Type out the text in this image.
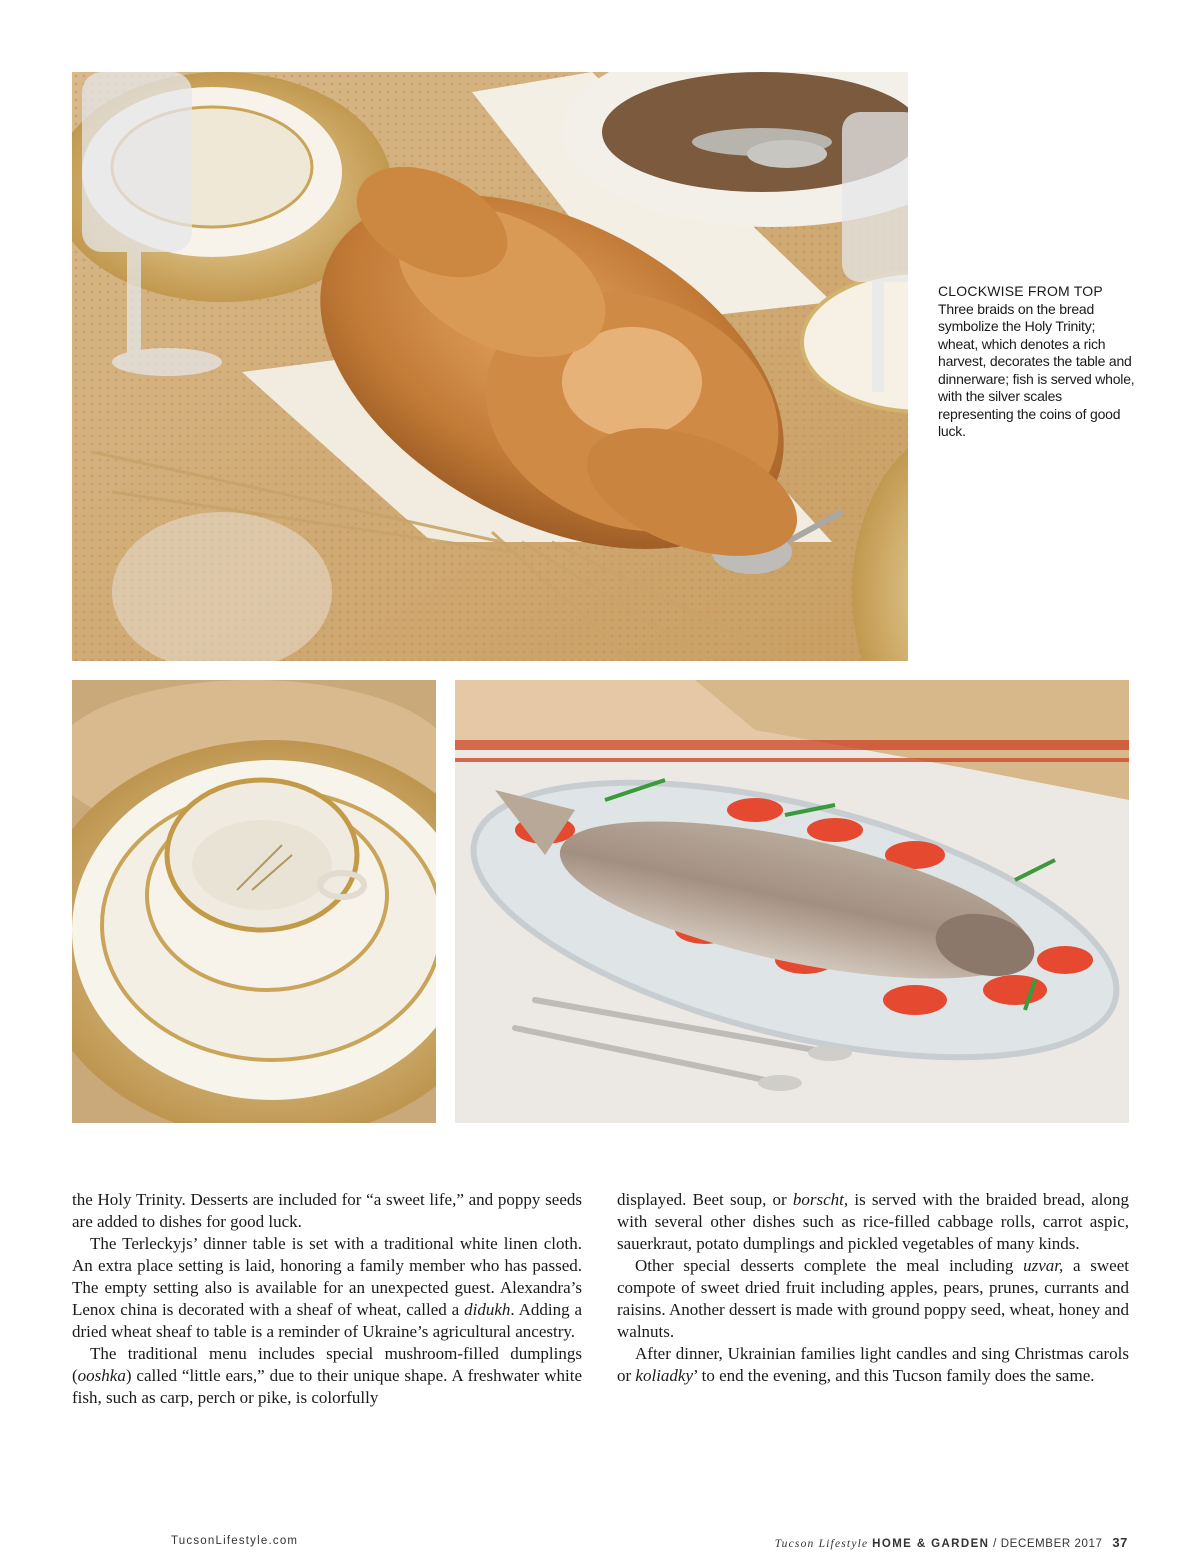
CLOCKWISE FROM TOP
Three braids on the bread symbolize the Holy Trinity; wheat, which denotes a rich harvest, decorates the table and dinnerware; fish is served whole, with the silver scales representing the coins of good luck.

the Holy Trinity. Desserts are included for “a sweet life,” and poppy seeds are added to dishes for good luck.

The Terleckyjs’ dinner table is set with a traditional white linen cloth. An extra place setting is laid, honoring a family member who has passed. The empty setting also is available for an unexpected guest. Alexandra’s Lenox china is decorated with a sheaf of wheat, called a didukh. Adding a dried wheat sheaf to table is a reminder of Ukraine’s agricultural ancestry.

The traditional menu includes special mushroom-filled dumplings (ooshka) called “little ears,” due to their unique shape. A freshwater white fish, such as carp, perch or pike, is colorfully

displayed. Beet soup, or borscht, is served with the braided bread, along with several other dishes such as rice-filled cabbage rolls, carrot aspic, sauerkraut, potato dumplings and pickled vegetables of many kinds.

Other special desserts complete the meal including uzvar, a sweet compote of sweet dried fruit including apples, pears, prunes, currants and raisins. Another dessert is made with ground poppy seed, wheat, honey and walnuts.

After dinner, Ukrainian families light candles and sing Christmas carols or koliadky’ to end the evening, and this Tucson family does the same.

TucsonLifestyle.com	Tucson Lifestyle HOME & GARDEN / DECEMBER 2017 37
